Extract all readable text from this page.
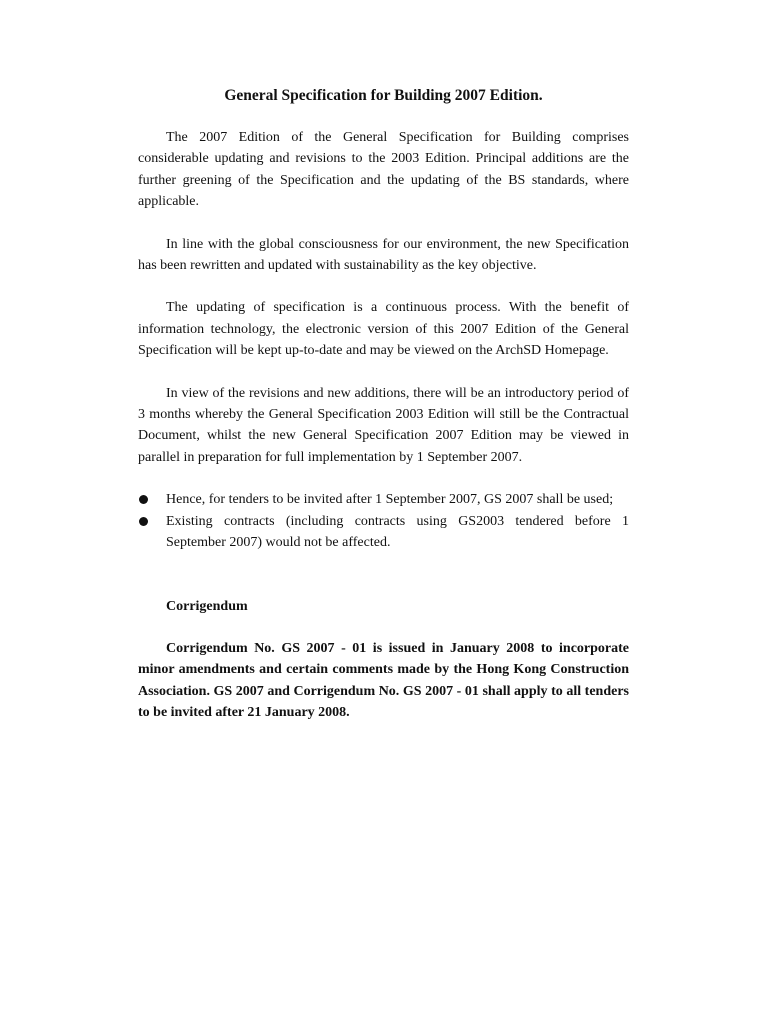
General Specification for Building 2007 Edition.

The 2007 Edition of the General Specification for Building comprises considerable updating and revisions to the 2003 Edition. Principal additions are the further greening of the Specification and the updating of the BS standards, where applicable.

In line with the global consciousness for our environment, the new Specification has been rewritten and updated with sustainability as the key objective.

The updating of specification is a continuous process. With the benefit of information technology, the electronic version of this 2007 Edition of the General Specification will be kept up-to-date and may be viewed on the ArchSD Homepage.

In view of the revisions and new additions, there will be an introductory period of 3 months whereby the General Specification 2003 Edition will still be the Contractual Document, whilst the new General Specification 2007 Edition may be viewed in parallel in preparation for full implementation by 1 September 2007.

Hence, for tenders to be invited after 1 September 2007, GS 2007 shall be used;
Existing contracts (including contracts using GS2003 tendered before 1 September 2007) would not be affected.
Corrigendum

Corrigendum No. GS 2007 - 01 is issued in January 2008 to incorporate minor amendments and certain comments made by the Hong Kong Construction Association. GS 2007 and Corrigendum No. GS 2007 - 01 shall apply to all tenders to be invited after 21 January 2008.
